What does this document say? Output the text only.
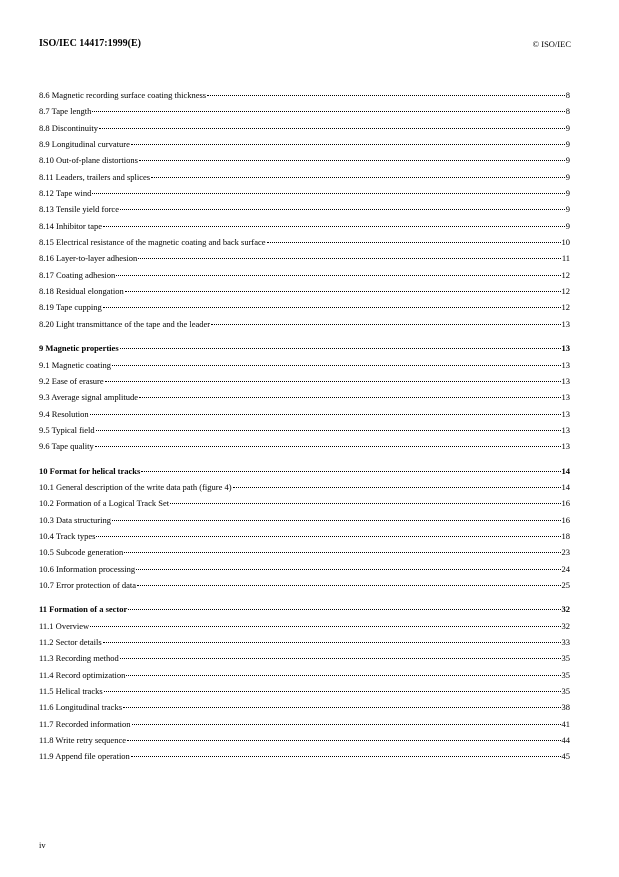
ISO/IEC 14417:1999(E)	© ISO/IEC
8.6 Magnetic recording surface coating thickness	8
8.7 Tape length	8
8.8 Discontinuity	9
8.9 Longitudinal curvature	9
8.10 Out-of-plane distortions	9
8.11 Leaders, trailers and splices	9
8.12 Tape wind	9
8.13 Tensile yield force	9
8.14 Inhibitor tape	9
8.15 Electrical resistance of the magnetic coating and back surface	10
8.16 Layer-to-layer adhesion	11
8.17 Coating adhesion	12
8.18 Residual elongation	12
8.19 Tape cupping	12
8.20 Light transmittance of the tape and the leader	13
9 Magnetic properties	13
9.1 Magnetic coating	13
9.2 Ease of erasure	13
9.3 Average signal amplitude	13
9.4 Resolution	13
9.5 Typical field	13
9.6 Tape quality	13
10 Format for helical tracks	14
10.1 General description of the write data path (figure 4)	14
10.2 Formation of a Logical Track Set	16
10.3 Data structuring	16
10.4 Track types	18
10.5 Subcode generation	23
10.6 Information processing	24
10.7 Error protection of data	25
11 Formation of a sector	32
11.1 Overview	32
11.2 Sector details	33
11.3 Recording method	35
11.4 Record optimization	35
11.5 Helical tracks	35
11.6 Longitudinal tracks	38
11.7 Recorded information	41
11.8 Write retry sequence	44
11.9 Append file operation	45
iv
